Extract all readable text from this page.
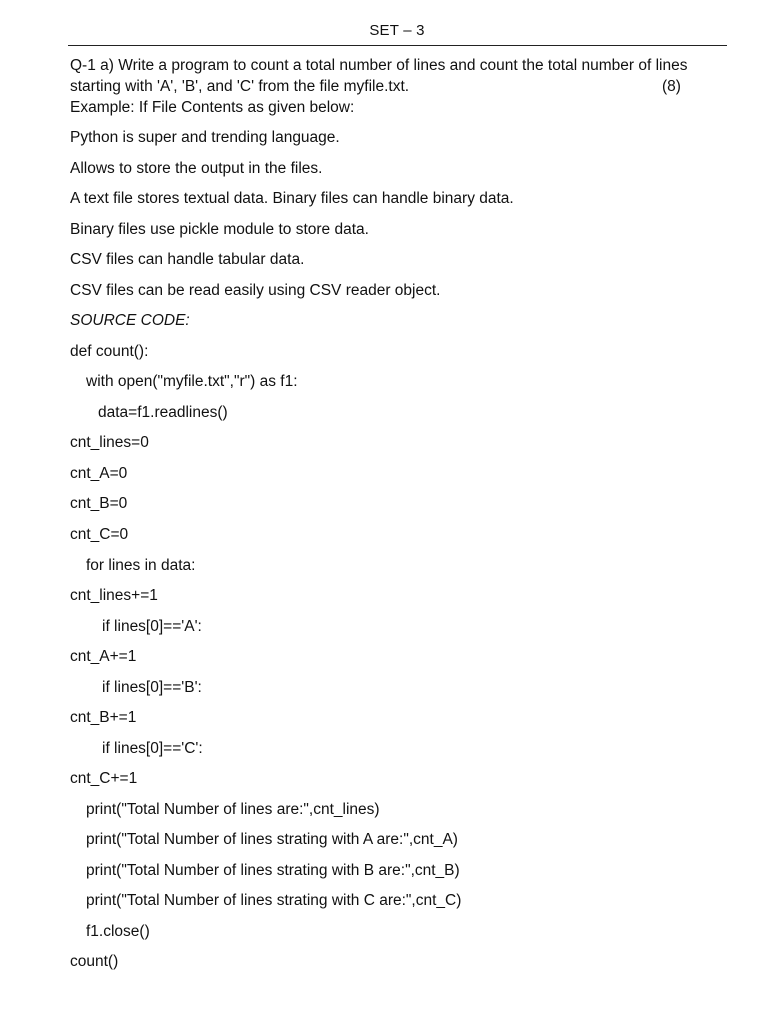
SET – 3
Q-1 a) Write a program to count a total number of lines and count the total number of lines
starting with 'A', 'B', and 'C' from the file myfile.txt.	(8)
Example: If File Contents as given below:
Python is super and trending language.
Allows to store the output in the files.
A text file stores textual data. Binary files can handle binary data.
Binary files use pickle module to store data.
CSV files can handle tabular data.
CSV files can be read easily using CSV reader object.
SOURCE CODE:
def count():
with open("myfile.txt","r") as f1:
data=f1.readlines()
cnt_lines=0
cnt_A=0
cnt_B=0
cnt_C=0
for lines in data:
cnt_lines+=1
if lines[0]=='A':
cnt_A+=1
if lines[0]=='B':
cnt_B+=1
if lines[0]=='C':
cnt_C+=1
print("Total Number of lines are:",cnt_lines)
print("Total Number of lines strating with A are:",cnt_A)
print("Total Number of lines strating with B are:",cnt_B)
print("Total Number of lines strating with C are:",cnt_C)
f1.close()
count()
